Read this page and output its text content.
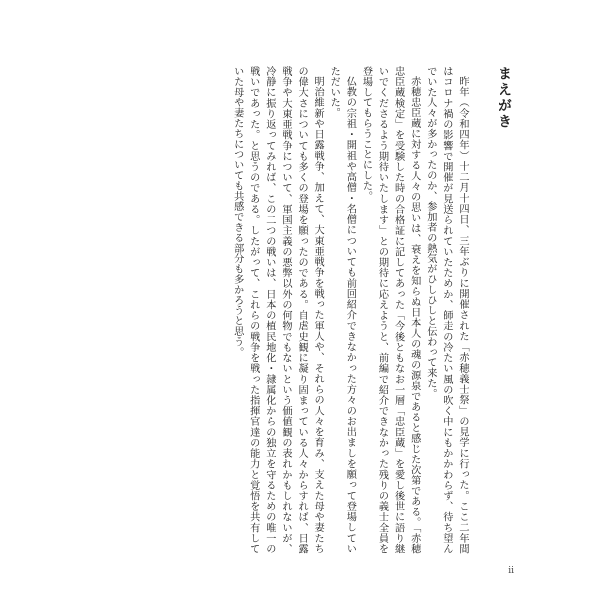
まえがき

昨年（令和四年）十二月十四日、三年ぶりに開催された「赤穂義士祭」の見学に行った。ここ二年間はコロナ禍の影響で開催が見送られていたためか、師走の冷たい風の吹く中にもかかわらず、待ち望んでいた人々が多かったのか、参加者の熱気がひしひしと伝わって来た。

赤穂忠臣蔵に対する人々の思いは、衰えを知らぬ日本人の魂の源泉であると感じた次第である。「赤穂忠臣蔵検定」を受験した時の合格証に記してあった「今後ともなお一層「忠臣蔵」を愛し後世に語り継いでくださるよう期待いたします」との期待に応えようと、前編で紹介できなかった残りの義士全員を登場してもらうことにした。

仏教の宗祖・開祖や高僧・名僧についても前回紹介できなかった方々のお出ましを願って登場していただいた。

明治維新や日露戦争、加えて、大東亜戦争を戦った軍人や、それらの人々を育み、支えた母や妻たちの偉大さについても多くの登場を願ったのである。自虐史観に凝り固まっている人々からすれば、日露戦争や大東亜戦争について、軍国主義の悪弊以外の何物でもないという価値観の表れかもしれないが、冷静に振り返ってみれば、この二つの戦いは、日本の植民地化・隷属化からの独立を守るための唯一の戦いであった。と思うのである。したがって、これらの戦争を戦った指揮官達の能力と覚悟を共有していた母や妻たちについても共感できる部分も多かろうと思う。

ii
